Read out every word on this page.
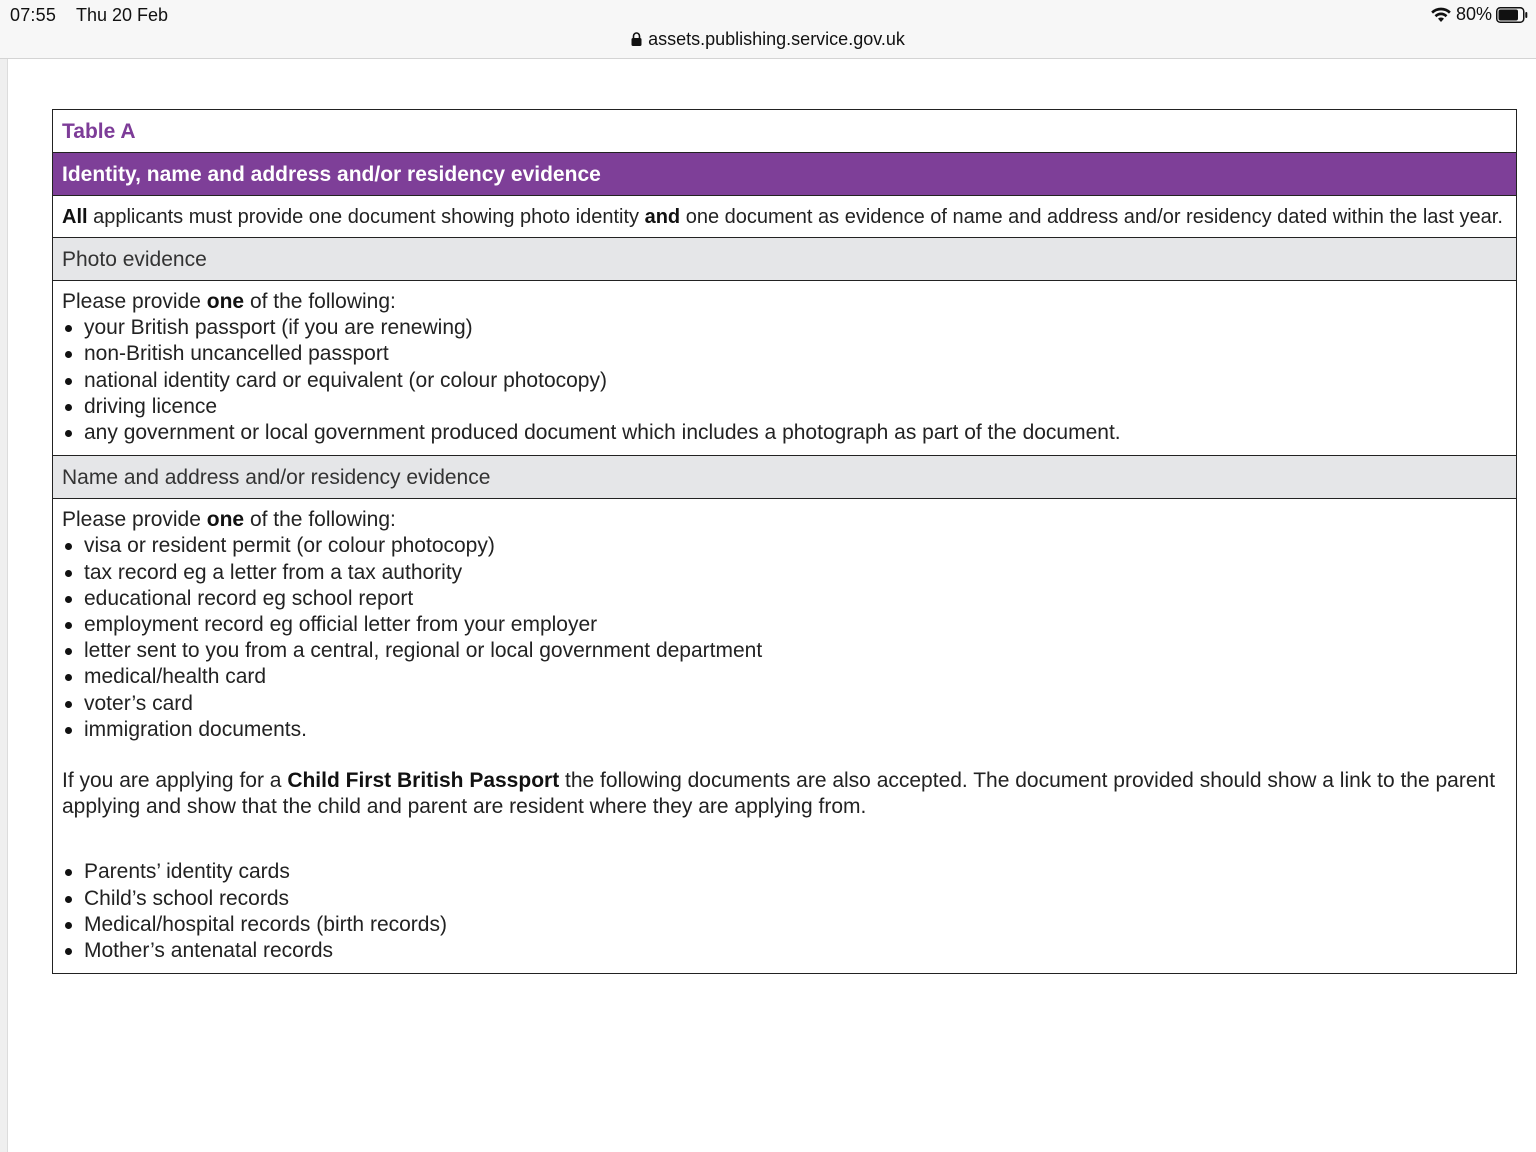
07:55 Thu 20 Feb	80%
assets.publishing.service.gov.uk
Table A
Identity, name and address and/or residency evidence
All applicants must provide one document showing photo identity and one document as evidence of name and address and/or residency dated within the last year.
Photo evidence
Please provide one of the following:
your British passport (if you are renewing)
non-British uncancelled passport
national identity card or equivalent (or colour photocopy)
driving licence
any government or local government produced document which includes a photograph as part of the document.
Name and address and/or residency evidence
Please provide one of the following:
visa or resident permit (or colour photocopy)
tax record eg a letter from a tax authority
educational record eg school report
employment record eg official letter from your employer
letter sent to you from a central, regional or local government department
medical/health card
voter’s card
immigration documents.
If you are applying for a Child First British Passport the following documents are also accepted. The document provided should show a link to the parent applying and show that the child and parent are resident where they are applying from.
Parents’ identity cards
Child’s school records
Medical/hospital records (birth records)
Mother’s antenatal records
